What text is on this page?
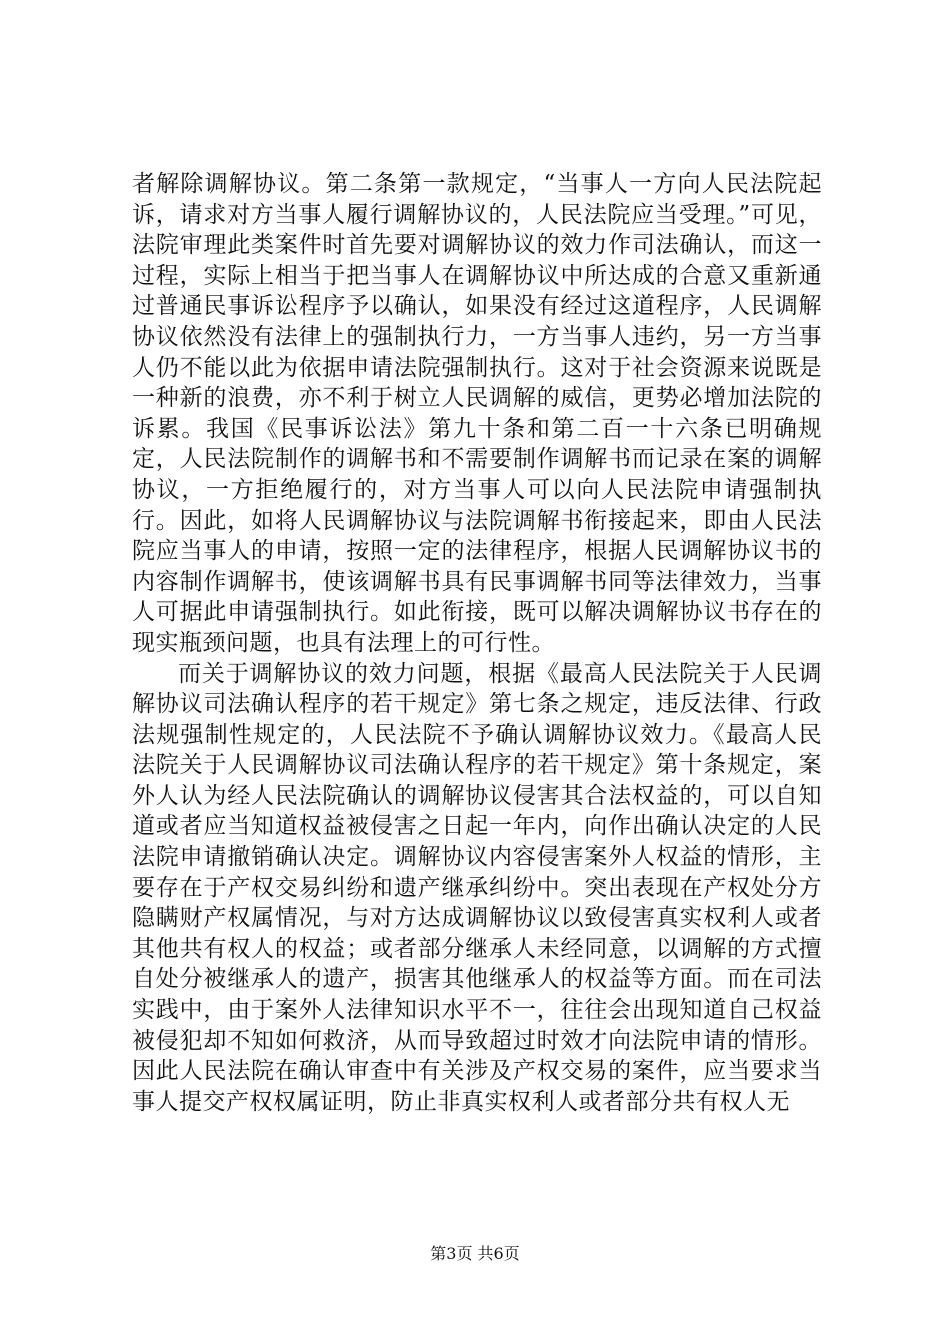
者解除调解协议。第二条第一款规定，“当事人一方向人民法院起诉，请求对方当事人履行调解协议的，人民法院应当受理。”可见，法院审理此类案件时首先要对调解协议的效力作司法确认，而这一过程，实际上相当于把当事人在调解协议中所达成的合意又重新通过普通民事诉讼程序予以确认，如果没有经过这道程序，人民调解协议依然没有法律上的强制执行力，一方当事人违约，另一方当事人仍不能以此为依据申请法院强制执行。这对于社会资源来说既是一种新的浪费，亦不利于树立人民调解的威信，更势必增加法院的诉累。我国《民事诉讼法》第九十条和第二百一十六条已明确规定，人民法院制作的调解书和不需要制作调解书而记录在案的调解协议，一方拒绝履行的，对方当事人可以向人民法院申请强制执行。因此，如将人民调解协议与法院调解书衔接起来，即由人民法院应当事人的申请，按照一定的法律程序，根据人民调解协议书的内容制作调解书，使该调解书具有民事调解书同等法律效力，当事人可据此申请强制执行。如此衔接，既可以解决调解协议书存在的现实瓶颈问题，也具有法理上的可行性。

而关于调解协议的效力问题，根据《最高人民法院关于人民调解协议司法确认程序的若干规定》第七条之规定，违反法律、行政法规强制性规定的，人民法院不予确认调解协议效力。《最高人民法院关于人民调解协议司法确认程序的若干规定》第十条规定，案外人认为经人民法院确认的调解协议侵害其合法权益的，可以自知道或者应当知道权益被侵害之日起一年内，向作出确认决定的人民法院申请撤销确认决定。调解协议内容侵害案外人权益的情形，主要存在于产权交易纠纷和遗产继承纠纷中。突出表现在产权处分方隐瞒财产权属情况，与对方达成调解协议以致侵害真实权利人或者其他共有权人的权益；或者部分继承人未经同意，以调解的方式擅自处分被继承人的遗产，损害其他继承人的权益等方面。而在司法实践中，由于案外人法律知识水平不一，往往会出现知道自己权益被侵犯却不知如何救济，从而导致超过时效才向法院申请的情形。因此人民法院在确认审查中有关涉及产权交易的案件，应当要求当事人提交产权权属证明，防止非真实权利人或者部分共有权人无

第3页 共6页
